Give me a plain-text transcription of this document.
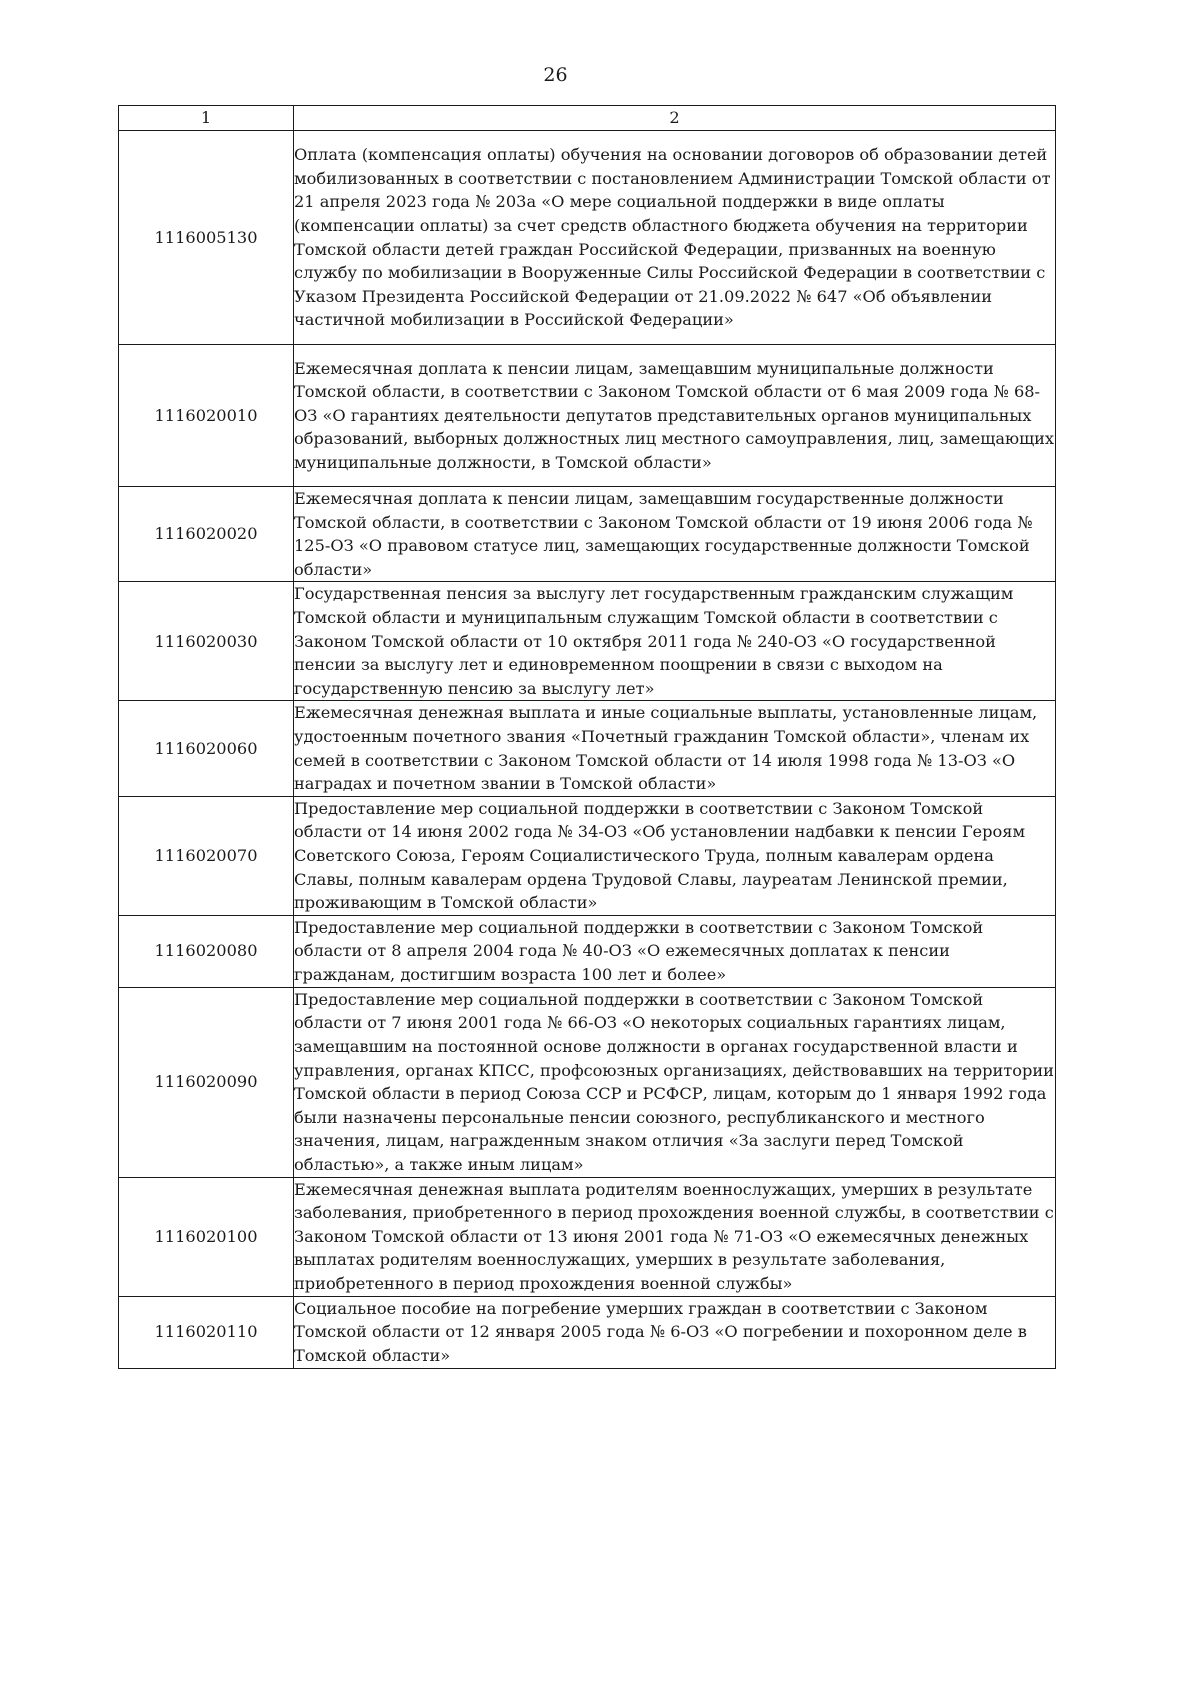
26
1	2
1116005130	Оплата (компенсация оплаты) обучения на основании договоров об образовании детей мобилизованных в соответствии с постановлением Администрации Томской области от 21 апреля 2023 года № 203а «О мере социальной поддержки в виде оплаты (компенсации оплаты) за счет средств областного бюджета обучения на территории Томской области детей граждан Российской Федерации, призванных на военную службу по мобилизации в Вооруженные Силы Российской Федерации в соответствии с Указом Президента Российской Федерации от 21.09.2022 № 647 «Об объявлении частичной мобилизации в Российской Федерации»
1116020010	Ежемесячная доплата к пенсии лицам, замещавшим муниципальные должности Томской области, в соответствии с Законом Томской области от 6 мая 2009 года № 68-ОЗ «О гарантиях деятельности депутатов представительных органов муниципальных образований, выборных должностных лиц местного самоуправления, лиц, замещающих муниципальные должности, в Томской области»
1116020020	Ежемесячная доплата к пенсии лицам, замещавшим государственные должности Томской области, в соответствии с Законом Томской области от 19 июня 2006 года № 125-ОЗ «О правовом статусе лиц, замещающих государственные должности Томской области»
1116020030	Государственная пенсия за выслугу лет государственным гражданским служащим Томской области и муниципальным служащим Томской области в соответствии с Законом Томской области от 10 октября 2011 года № 240-ОЗ «О государственной пенсии за выслугу лет и единовременном поощрении в связи с выходом на государственную пенсию за выслугу лет»
1116020060	Ежемесячная денежная выплата и иные социальные выплаты, установленные лицам, удостоенным почетного звания «Почетный гражданин Томской области», членам их семей в соответствии с Законом Томской области от 14 июля 1998 года № 13-ОЗ «О наградах и почетном звании в Томской области»
1116020070	Предоставление мер социальной поддержки в соответствии с Законом Томской области от 14 июня 2002 года № 34-ОЗ «Об установлении надбавки к пенсии Героям Советского Союза, Героям Социалистического Труда, полным кавалерам ордена Славы, полным кавалерам ордена Трудовой Славы, лауреатам Ленинской премии, проживающим в Томской области»
1116020080	Предоставление мер социальной поддержки в соответствии с Законом Томской области от 8 апреля 2004 года № 40-ОЗ «О ежемесячных доплатах к пенсии гражданам, достигшим возраста 100 лет и более»
1116020090	Предоставление мер социальной поддержки в соответствии с Законом Томской области от 7 июня 2001 года № 66-ОЗ «О некоторых социальных гарантиях лицам, замещавшим на постоянной основе должности в органах государственной власти и управления, органах КПСС, профсоюзных организациях, действовавших на территории Томской области в период Союза ССР и РСФСР, лицам, которым до 1 января 1992 года были назначены персональные пенсии союзного, республиканского и местного значения, лицам, награжденным знаком отличия «За заслуги перед Томской областью», а также иным лицам»
1116020100	Ежемесячная денежная выплата родителям военнослужащих, умерших в результате заболевания, приобретенного в период прохождения военной службы, в соответствии с Законом Томской области от 13 июня 2001 года № 71-ОЗ «О ежемесячных денежных выплатах родителям военнослужащих, умерших в результате заболевания, приобретенного в период прохождения военной службы»
1116020110	Социальное пособие на погребение умерших граждан в соответствии с Законом Томской области от 12 января 2005 года № 6-ОЗ «О погребении и похоронном деле в Томской области»
